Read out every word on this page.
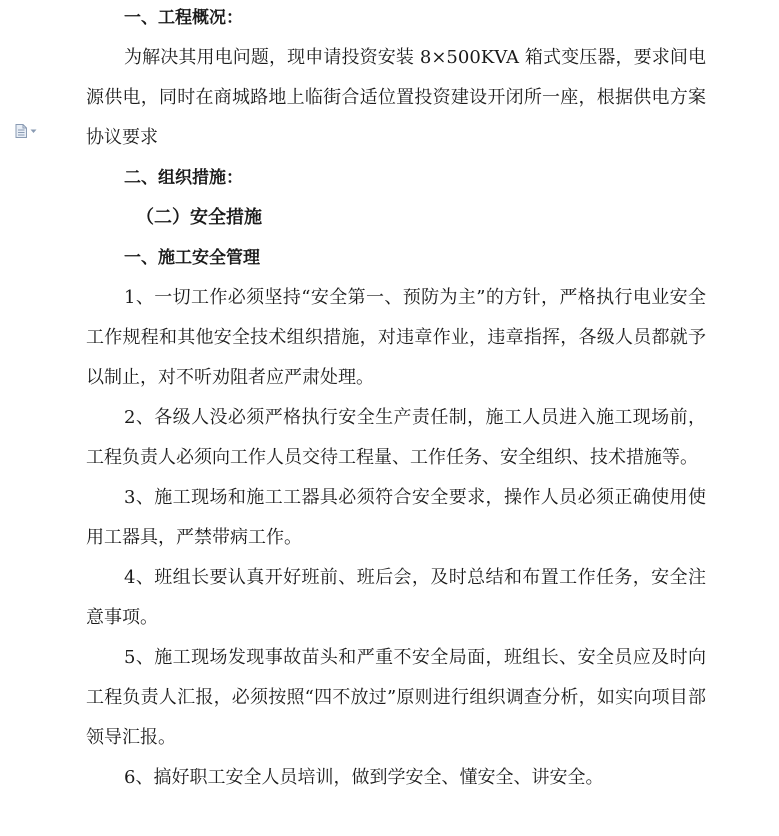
一、工程概况：

为解决其用电问题，现申请投资安装 8×500KVA 箱式变压器，要求间电源供电，同时在商城路地上临街合适位置投资建设开闭所一座，根据供电方案协议要求

二、组织措施：

（二）安全措施

一、施工安全管理

1、一切工作必须坚持“安全第一、预防为主”的方针，严格执行电业安全工作规程和其他安全技术组织措施，对违章作业，违章指挥，各级人员都就予以制止，对不听劝阻者应严肃处理。

2、各级人没必须严格执行安全生产责任制，施工人员进入施工现场前，工程负责人必须向工作人员交待工程量、工作任务、安全组织、技术措施等。

3、施工现场和施工工器具必须符合安全要求，操作人员必须正确使用使用工器具，严禁带病工作。

4、班组长要认真开好班前、班后会，及时总结和布置工作任务，安全注意事项。

5、施工现场发现事故苗头和严重不安全局面，班组长、安全员应及时向工程负责人汇报，必须按照“四不放过”原则进行组织调查分析，如实向项目部领导汇报。

6、搞好职工安全人员培训，做到学安全、懂安全、讲安全。
